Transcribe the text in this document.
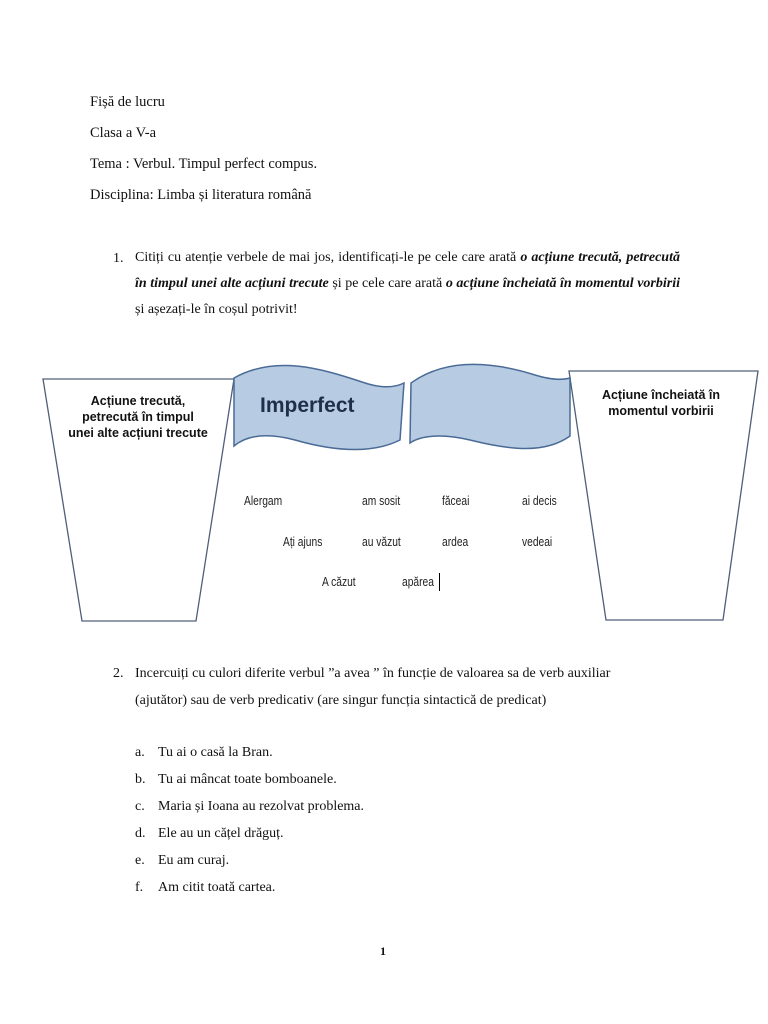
Fișă de lucru
Clasa a V-a
Tema : Verbul. Timpul perfect compus.
Disciplina: Limba și literatura română
1. Citiți cu atenție verbele de mai jos, identificați-le pe cele care arată o acțiune trecută, petrecută în timpul unei alte acțiuni trecute și pe cele care arată o acțiune încheiată în momentul vorbirii și așezați-le în coșul potrivit!
Acțiune trecută, petrecută în timpul unei alte acțiuni trecute
Acțiune încheiată în momentul vorbirii
Imperfect
Alergam	am sosit	făceai	ai decis
Ați ajuns	au văzut	ardea	vedeai
A căzut	apărea
2. Incercuiți cu culori diferite verbul ”a avea ” în funcție de valoarea sa de verb auxiliar
(ajutător) sau de verb predicativ (are singur funcția sintactică de predicat)
a. Tu ai o casă la Bran.
b. Tu ai mâncat toate bomboanele.
c. Maria și Ioana au rezolvat problema.
d. Ele au un cățel drăguț.
e. Eu am curaj.
f. Am citit toată cartea.
1
